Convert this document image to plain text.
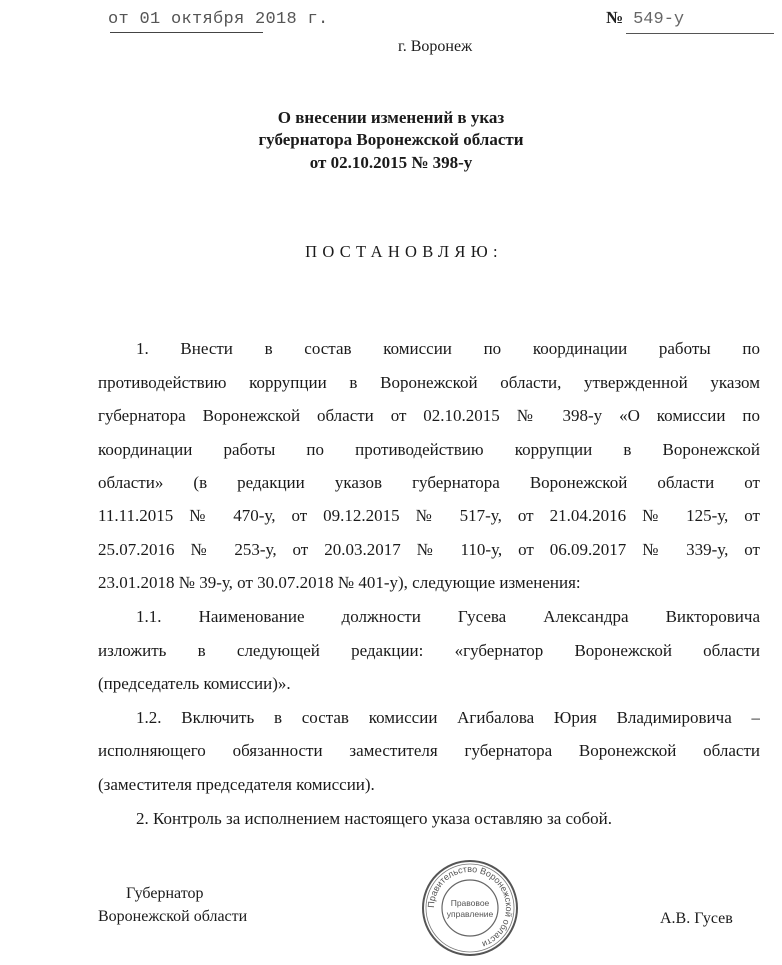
от 01 октября 2018 г.	№ 549-у
г. Воронеж
О внесении изменений в указ
губернатора Воронежской области
от 02.10.2015 № 398-у
ПОСТАНОВЛЯЮ:
1. Внести в состав комиссии по координации работы по
противодействию коррупции в Воронежской области, утвержденной указом
губернатора Воронежской области от 02.10.2015 № 398-у «О комиссии по
координации работы по противодействию коррупции в Воронежской
области» (в редакции указов губернатора Воронежской области от
11.11.2015 № 470-у, от 09.12.2015 № 517-у, от 21.04.2016 № 125-у, от
25.07.2016 № 253-у, от 20.03.2017 № 110-у, от 06.09.2017 № 339-у, от
23.01.2018 № 39-у, от 30.07.2018 № 401-у), следующие изменения:
1.1. Наименование должности Гусева Александра Викторовича
изложить в следующей редакции: «губернатор Воронежской области
(председатель комиссии)».
1.2. Включить в состав комиссии Агибалова Юрия Владимировича –
исполняющего обязанности заместителя губернатора Воронежской области
(заместителя председателя комиссии).
2. Контроль за исполнением настоящего указа оставляю за собой.
Губернатор
Воронежской области
Правительство Воронежской области
Правовое
управление	А.В. Гусев
